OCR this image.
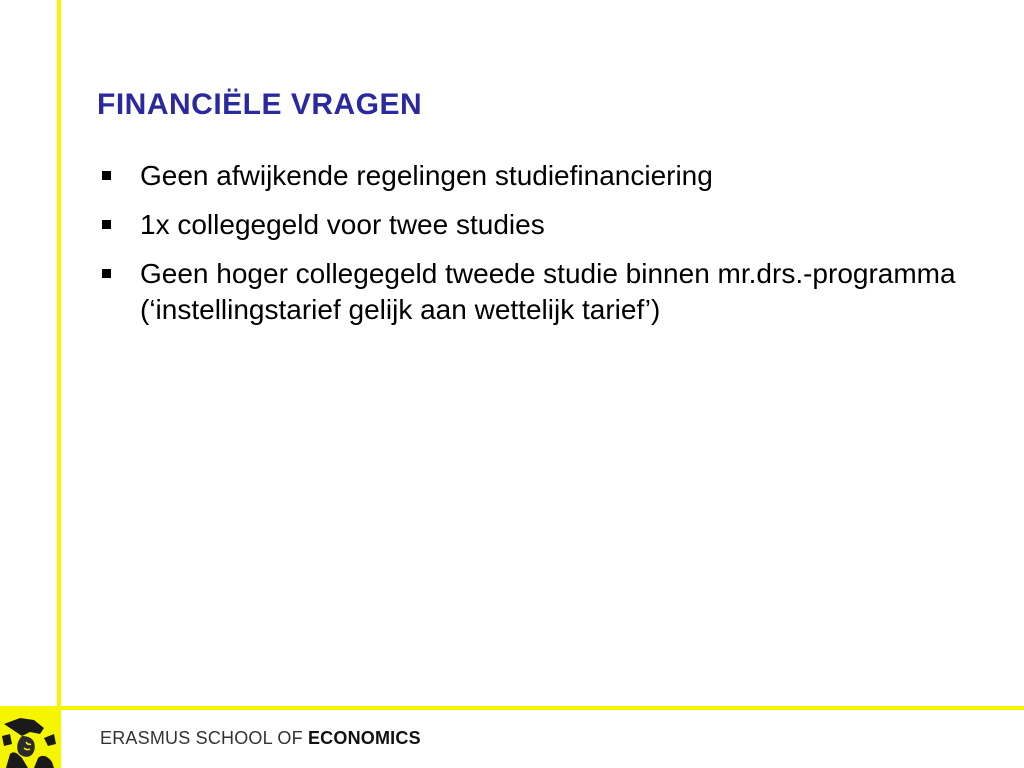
FINANCIËLE VRAGEN
Geen afwijkende regelingen studiefinanciering
1x collegegeld voor twee studies
Geen hoger collegegeld tweede studie binnen mr.drs.-programma (‘instellingstarief gelijk aan wettelijk tarief’)
ERASMUS SCHOOL OF ECONOMICS
